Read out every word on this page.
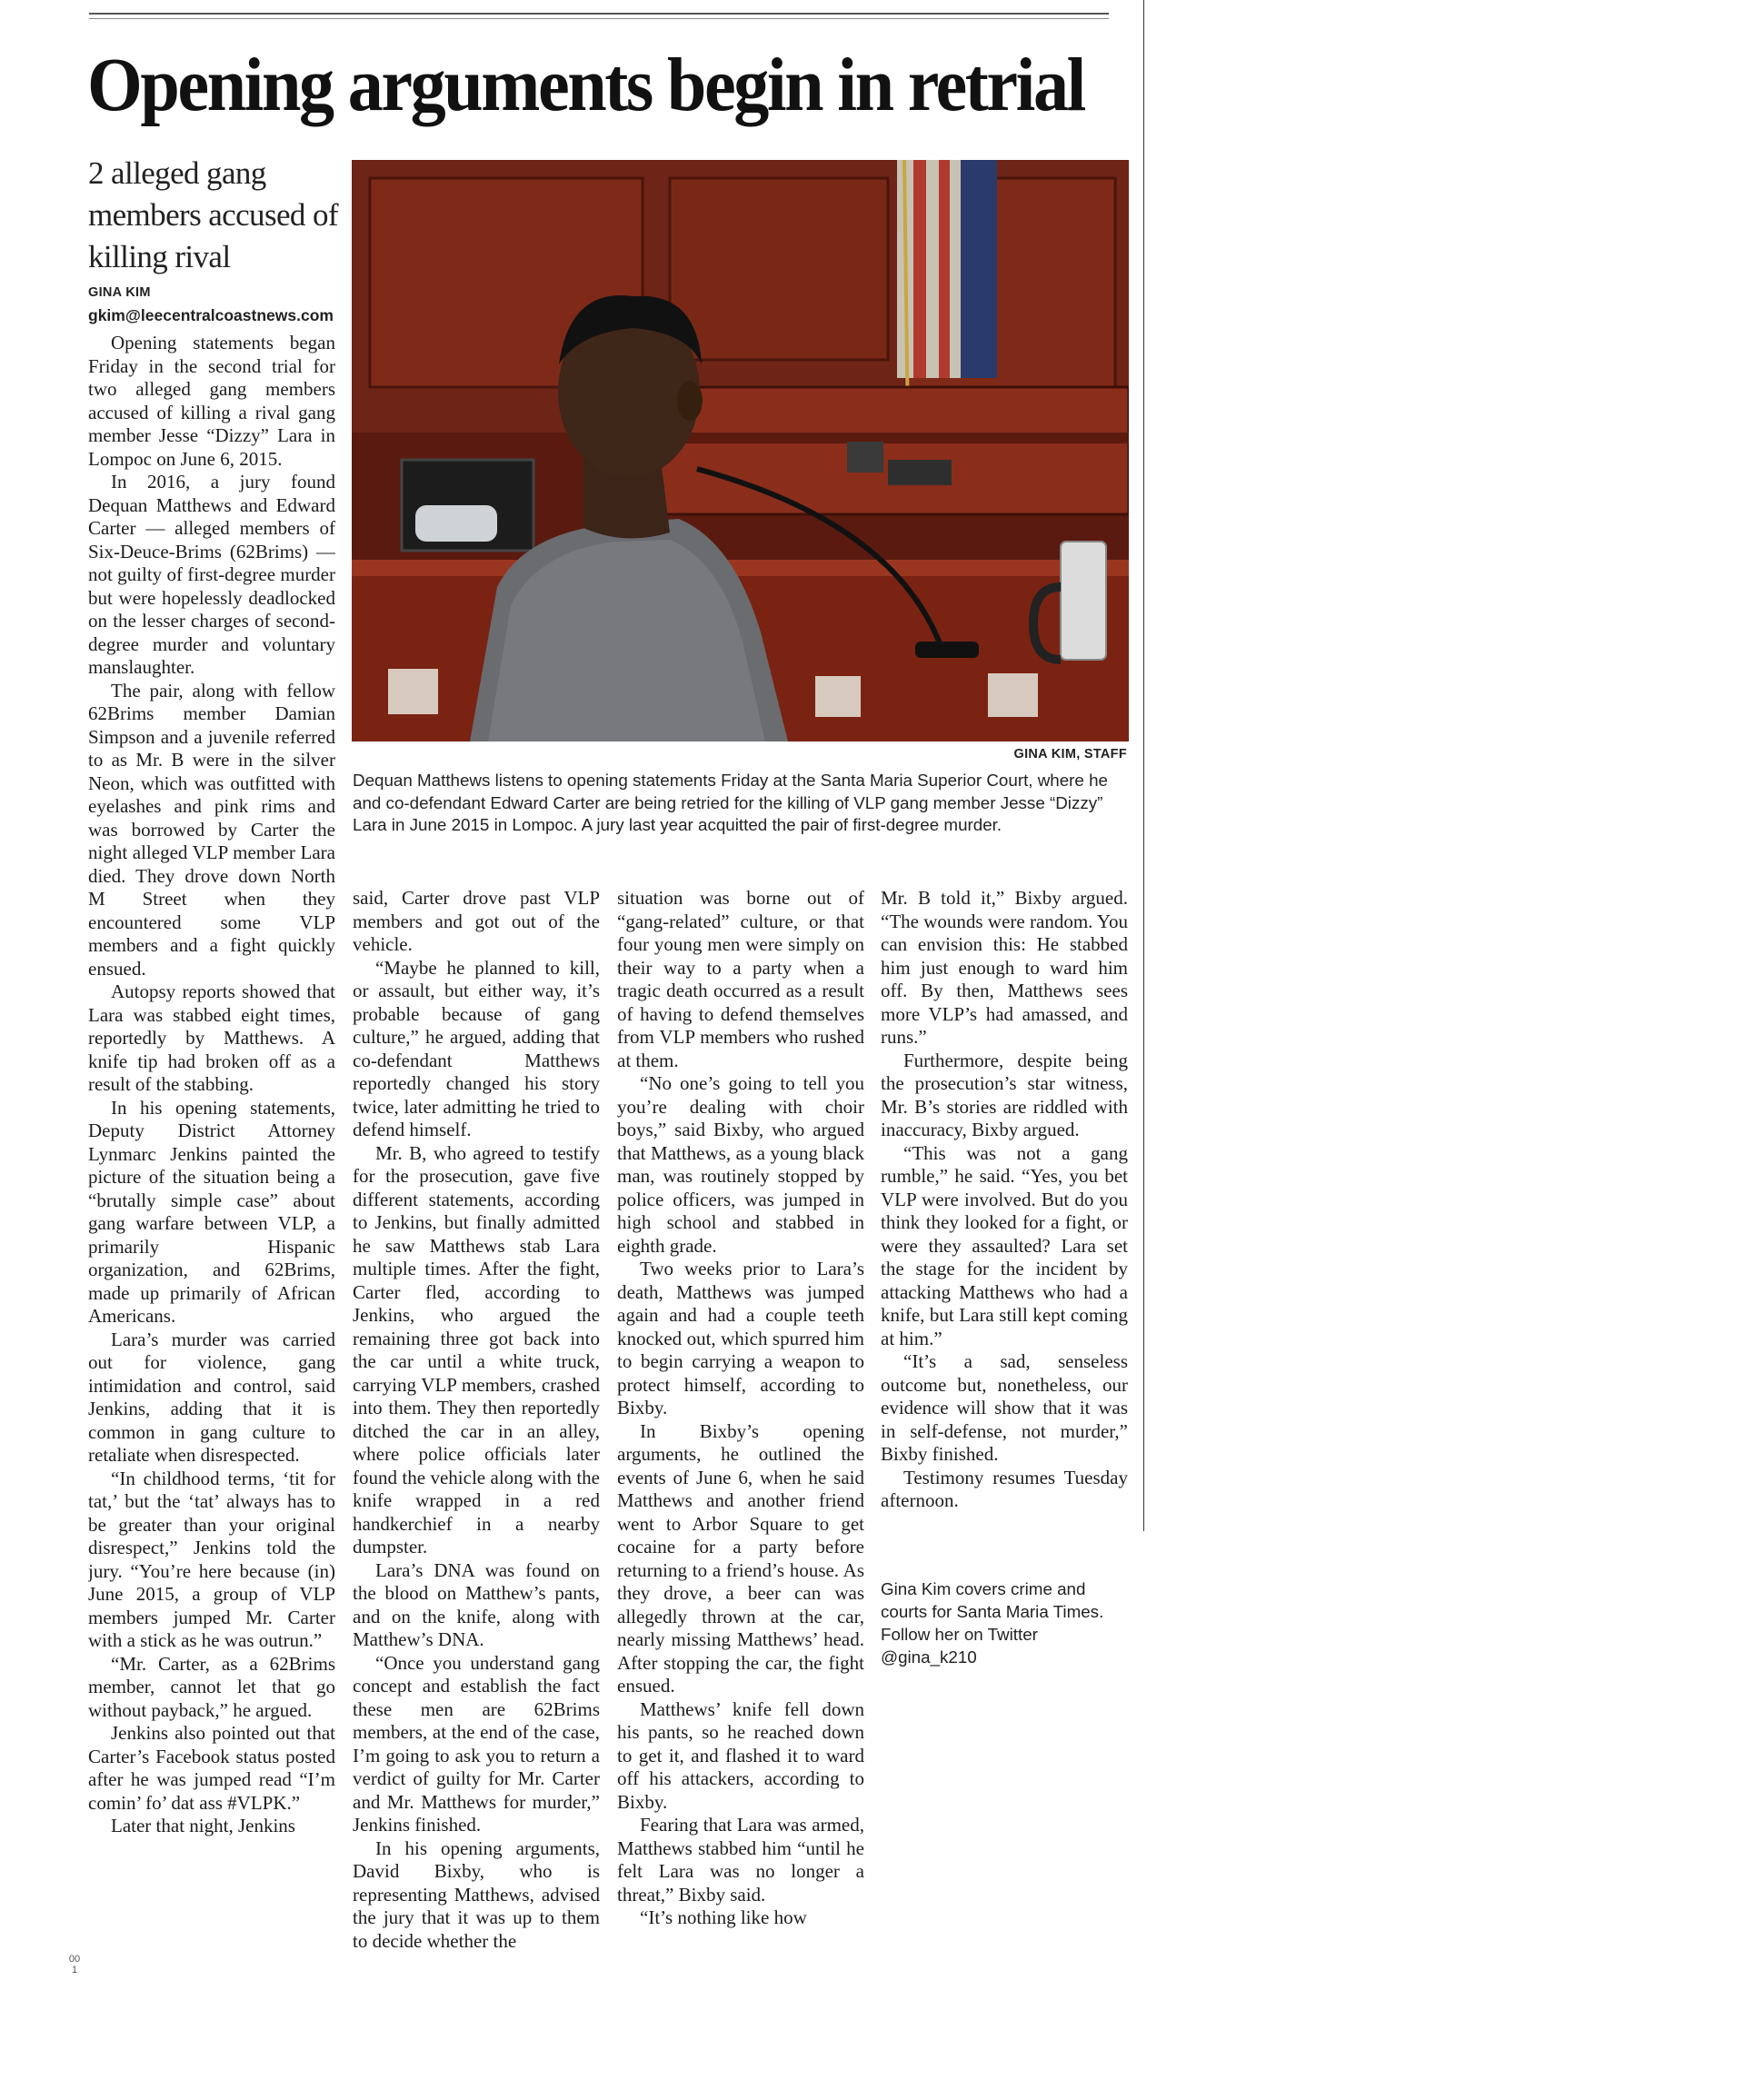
Opening arguments begin in retrial
2 alleged gang members accused of killing rival
GINA KIM
gkim@leecentralcoastnews.com

Opening statements began Friday in the second trial for two alleged gang members accused of killing a rival gang member Jesse “Dizzy” Lara in Lompoc on June 6, 2015.

In 2016, a jury found Dequan Matthews and Edward Carter — alleged members of Six-Deuce-Brims (62Brims) — not guilty of first-degree murder but were hopelessly deadlocked on the lesser charges of second-degree murder and voluntary manslaughter.

The pair, along with fellow 62Brims member Damian Simpson and a juvenile referred to as Mr. B were in the silver Neon, which was outfitted with eyelashes and pink rims and was borrowed by Carter the night alleged VLP member Lara died. They drove down North M Street when they encountered some VLP members and a fight quickly ensued.

Autopsy reports showed that Lara was stabbed eight times, reportedly by Matthews. A knife tip had broken off as a result of the stabbing.

In his opening statements, Deputy District Attorney Lynmarc Jenkins painted the picture of the situation being a “brutally simple case” about gang warfare between VLP, a primarily Hispanic organization, and 62Brims, made up primarily of African Americans.

Lara’s murder was carried out for violence, gang intimidation and control, said Jenkins, adding that it is common in gang culture to retaliate when disrespected.

“In childhood terms, ‘tit for tat,’ but the ‘tat’ always has to be greater than your original disrespect,” Jenkins told the jury. “You’re here because (in) June 2015, a group of VLP members jumped Mr. Carter with a stick as he was outrun.”

“Mr. Carter, as a 62Brims member, cannot let that go without payback,” he argued.

Jenkins also pointed out that Carter’s Facebook status posted after he was jumped read “I’m comin’ fo’ dat ass #VLPK.”

Later that night, Jenkins

GINA KIM, STAFF
Dequan Matthews listens to opening statements Friday at the Santa Maria Superior Court, where he and co-defendant Edward Carter are being retried for the killing of VLP gang member Jesse “Dizzy” Lara in June 2015 in Lompoc. A jury last year acquitted the pair of first-degree murder.

said, Carter drove past VLP members and got out of the vehicle.

“Maybe he planned to kill, or assault, but either way, it’s probable because of gang culture,” he argued, adding that co-defendant Matthews reportedly changed his story twice, later admitting he tried to defend himself.

Mr. B, who agreed to testify for the prosecution, gave five different statements, according to Jenkins, but finally admitted he saw Matthews stab Lara multiple times. After the fight, Carter fled, according to Jenkins, who argued the remaining three got back into the car until a white truck, carrying VLP members, crashed into them. They then reportedly ditched the car in an alley, where police officials later found the vehicle along with the knife wrapped in a red handkerchief in a nearby dumpster.

Lara’s DNA was found on the blood on Matthew’s pants, and on the knife, along with Matthew’s DNA.

“Once you understand gang concept and establish the fact these men are 62Brims members, at the end of the case, I’m going to ask you to return a verdict of guilty for Mr. Carter and Mr. Matthews for murder,” Jenkins finished.

In his opening arguments, David Bixby, who is representing Matthews, advised the jury that it was up to them to decide whether the

situation was borne out of “gang-related” culture, or that four young men were simply on their way to a party when a tragic death occurred as a result of having to defend themselves from VLP members who rushed at them.

“No one’s going to tell you you’re dealing with choir boys,” said Bixby, who argued that Matthews, as a young black man, was routinely stopped by police officers, was jumped in high school and stabbed in eighth grade.

Two weeks prior to Lara’s death, Matthews was jumped again and had a couple teeth knocked out, which spurred him to begin carrying a weapon to protect himself, according to Bixby.

In Bixby’s opening arguments, he outlined the events of June 6, when he said Matthews and another friend went to Arbor Square to get cocaine for a party before returning to a friend’s house. As they drove, a beer can was allegedly thrown at the car, nearly missing Matthews’ head. After stopping the car, the fight ensued.

Matthews’ knife fell down his pants, so he reached down to get it, and flashed it to ward off his attackers, according to Bixby.

Fearing that Lara was armed, Matthews stabbed him “until he felt Lara was no longer a threat,” Bixby said.

“It’s nothing like how

Mr. B told it,” Bixby argued. “The wounds were random. You can envision this: He stabbed him just enough to ward him off. By then, Matthews sees more VLP’s had amassed, and runs.”

Furthermore, despite being the prosecution’s star witness, Mr. B’s stories are riddled with inaccuracy, Bixby argued.

“This was not a gang rumble,” he said. “Yes, you bet VLP were involved. But do you think they looked for a fight, or were they assaulted? Lara set the stage for the incident by attacking Matthews who had a knife, but Lara still kept coming at him.”

“It’s a sad, senseless outcome but, nonetheless, our evidence will show that it was in self-defense, not murder,” Bixby finished.

Testimony resumes Tuesday afternoon.

Gina Kim covers crime and courts for Santa Maria Times. Follow her on Twitter @gina_k210
00
1
